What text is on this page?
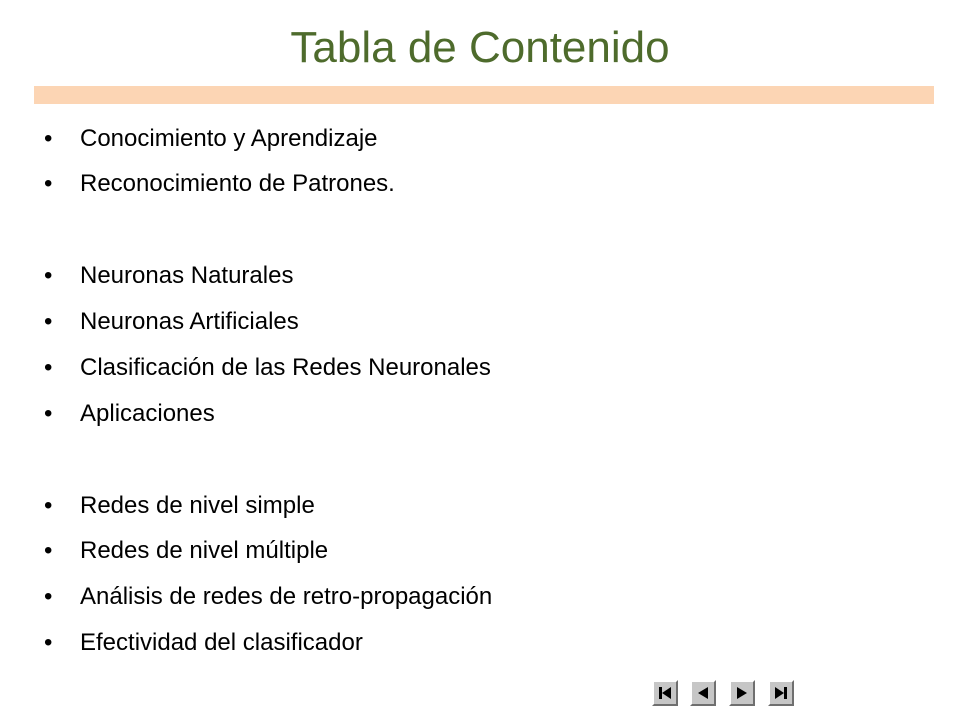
Tabla de Contenido
•	Conocimiento y Aprendizaje
•	Reconocimiento de Patrones.
•	Neuronas Naturales
•	Neuronas Artificiales
•	Clasificación de las Redes Neuronales
•	Aplicaciones
•	Redes de nivel simple
•	Redes de nivel múltiple
•	Análisis de redes de retro-propagación
•	Efectividad del clasificador
